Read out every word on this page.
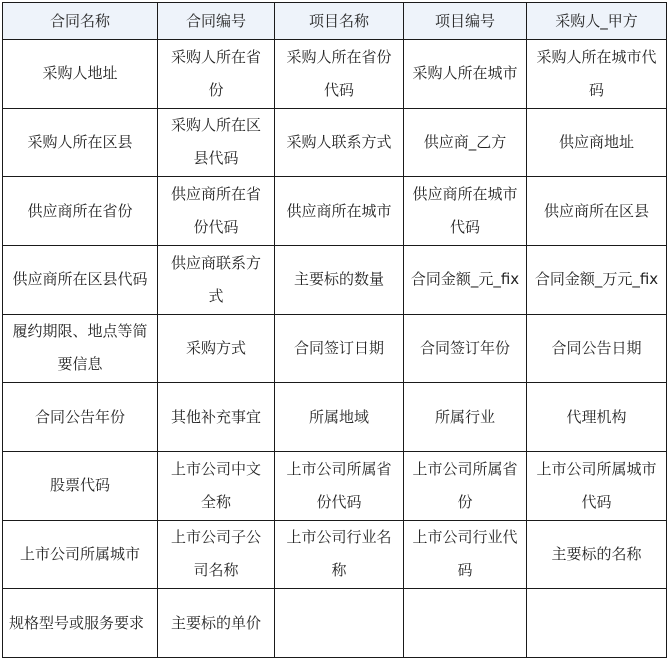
合同名称	合同编号	项目名称	项目编号	采购人_甲方
采购人地址	采购人所在省份	采购人所在省份代码	采购人所在城市	采购人所在城市代码
采购人所在区县	采购人所在区县代码	采购人联系方式	供应商_乙方	供应商地址
供应商所在省份	供应商所在省份代码	供应商所在城市	供应商所在城市代码	供应商所在区县
供应商所在区县代码	供应商联系方式	主要标的数量	合同金额_元_fix	合同金额_万元_fix
履约期限、地点等简要信息	采购方式	合同签订日期	合同签订年份	合同公告日期
合同公告年份	其他补充事宜	所属地域	所属行业	代理机构
股票代码	上市公司中文全称	上市公司所属省份代码	上市公司所属省份	上市公司所属城市代码
上市公司所属城市	上市公司子公司名称	上市公司行业名称	上市公司行业代码	主要标的名称
规格型号或服务要求	主要标的单价			
